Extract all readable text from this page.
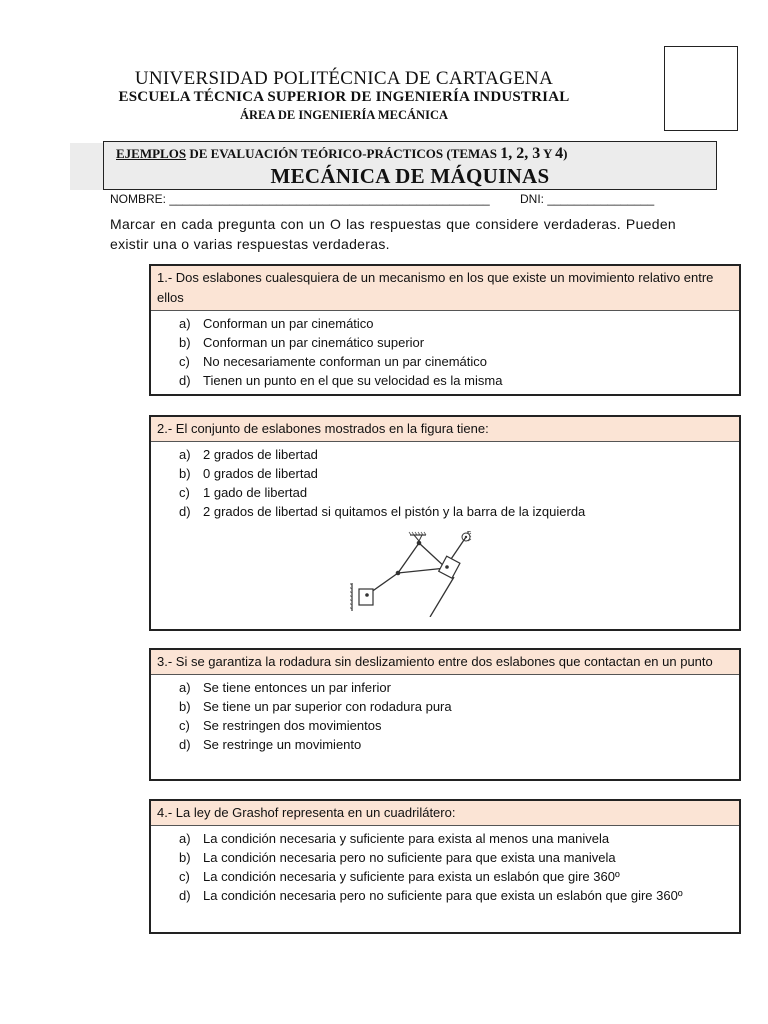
UNIVERSIDAD POLITÉCNICA DE CARTAGENA
ESCUELA TÉCNICA SUPERIOR DE INGENIERÍA INDUSTRIAL
ÁREA DE INGENIERÍA MECÁNICA
EJEMPLOS DE EVALUACIÓN TEÓRICO-PRÁCTICOS (TEMAS 1, 2, 3 Y 4)
MECÁNICA DE MÁQUINAS
NOMBRE: ________________________________________________	DNI: ________________
Marcar en cada pregunta con un O las respuestas que considere verdaderas. Pueden existir una o varias respuestas verdaderas.
1.- Dos eslabones cualesquiera de un mecanismo en los que existe un movimiento relativo entre ellos
a) Conforman un par cinemático
b) Conforman un par cinemático superior
c)	No necesariamente conforman un par cinemático
d) Tienen un punto en el que su velocidad es la misma
2.- El conjunto de eslabones mostrados en la figura tiene:
a) 2 grados de libertad
b) 0 grados de libertad
c)	1 gado de libertad
d) 2 grados de libertad si quitamos el pistón y la barra de la izquierda
3.- Si se garantiza la rodadura sin deslizamiento entre dos eslabones que contactan en un punto
a) Se tiene entonces un par inferior
b) Se tiene un par superior con rodadura pura
c)	Se restringen dos movimientos
d) Se restringe un movimiento
4.- La ley de Grashof representa en un cuadrilátero:
a) La condición necesaria y suficiente para exista al menos una manivela
b) La condición necesaria pero no suficiente para que exista una manivela
c)	La condición necesaria y suficiente para exista un eslabón que gire 360º
d) La condición necesaria pero no suficiente para que exista un eslabón que gire 360º
